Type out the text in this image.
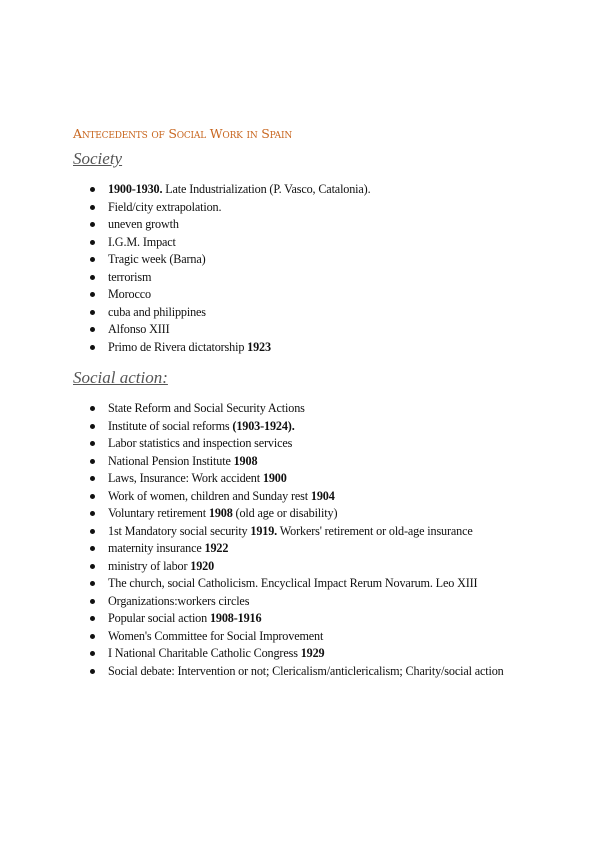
Antecedents of Social Work in Spain
Society
1900-1930. Late Industrialization (P. Vasco, Catalonia).
Field/city extrapolation.
uneven growth
I.G.M. Impact
Tragic week (Barna)
terrorism
Morocco
cuba and philippines
Alfonso XIII
Primo de Rivera dictatorship 1923
Social action:
State Reform and Social Security Actions
Institute of social reforms (1903-1924).
Labor statistics and inspection services
National Pension Institute 1908
Laws, Insurance: Work accident 1900
Work of women, children and Sunday rest 1904
Voluntary retirement 1908 (old age or disability)
1st Mandatory social security 1919. Workers' retirement or old-age insurance
maternity insurance 1922
ministry of labor 1920
The church, social Catholicism. Encyclical Impact Rerum Novarum. Leo XIII
Organizations:workers circles
Popular social action 1908-1916
Women's Committee for Social Improvement
I National Charitable Catholic Congress 1929
Social debate: Intervention or not; Clericalism/anticlericalism; Charity/social action
